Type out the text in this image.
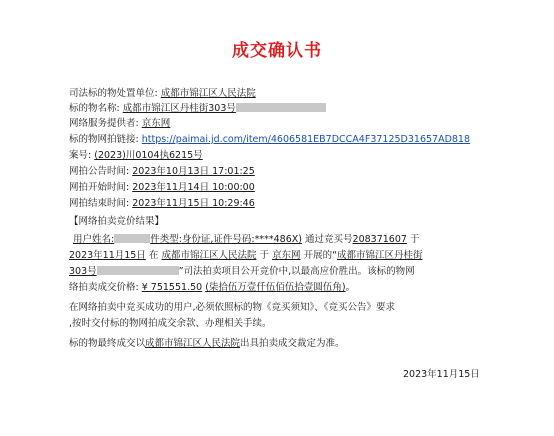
成交确认书
司法标的物处置单位: 成都市锦江区人民法院
标的物名称: 成都市锦江区丹桂街303号
网络服务提供者: 京东网
标的物网拍链接: https://paimai.jd.com/item/4606581EB7DCCA4F37125D31657AD818
案号: (2023)川0104执6215号
网拍公告时间: 2023年10月13日 17:01:25
网拍开始时间: 2023年11月14日 10:00:00
网拍结束时间: 2023年11月15日 10:29:46
【网络拍卖竞价结果】
用户姓名:	件类型:身份证,证件号码:****486X) 通过竞买号208371607 于
2023年11月15日 在 成都市锦江区人民法院 于 京东网 开展的“成都市锦江区丹桂街
303号	”司法拍卖项目公开竞价中,以最高应价胜出。该标的物网
络拍卖成交价格: ¥ 751551.50 (柒拾伍万壹仟伍佰伍拾壹圆伍角)。
在网络拍卖中竞买成功的用户,必须依照标的物《竞买须知》、《竞买公告》要求
,按时交付标的物网拍成交余款、办理相关手续。
标的物最终成交以成都市锦江区人民法院出具拍卖成交裁定为准。
2023年11月15日
